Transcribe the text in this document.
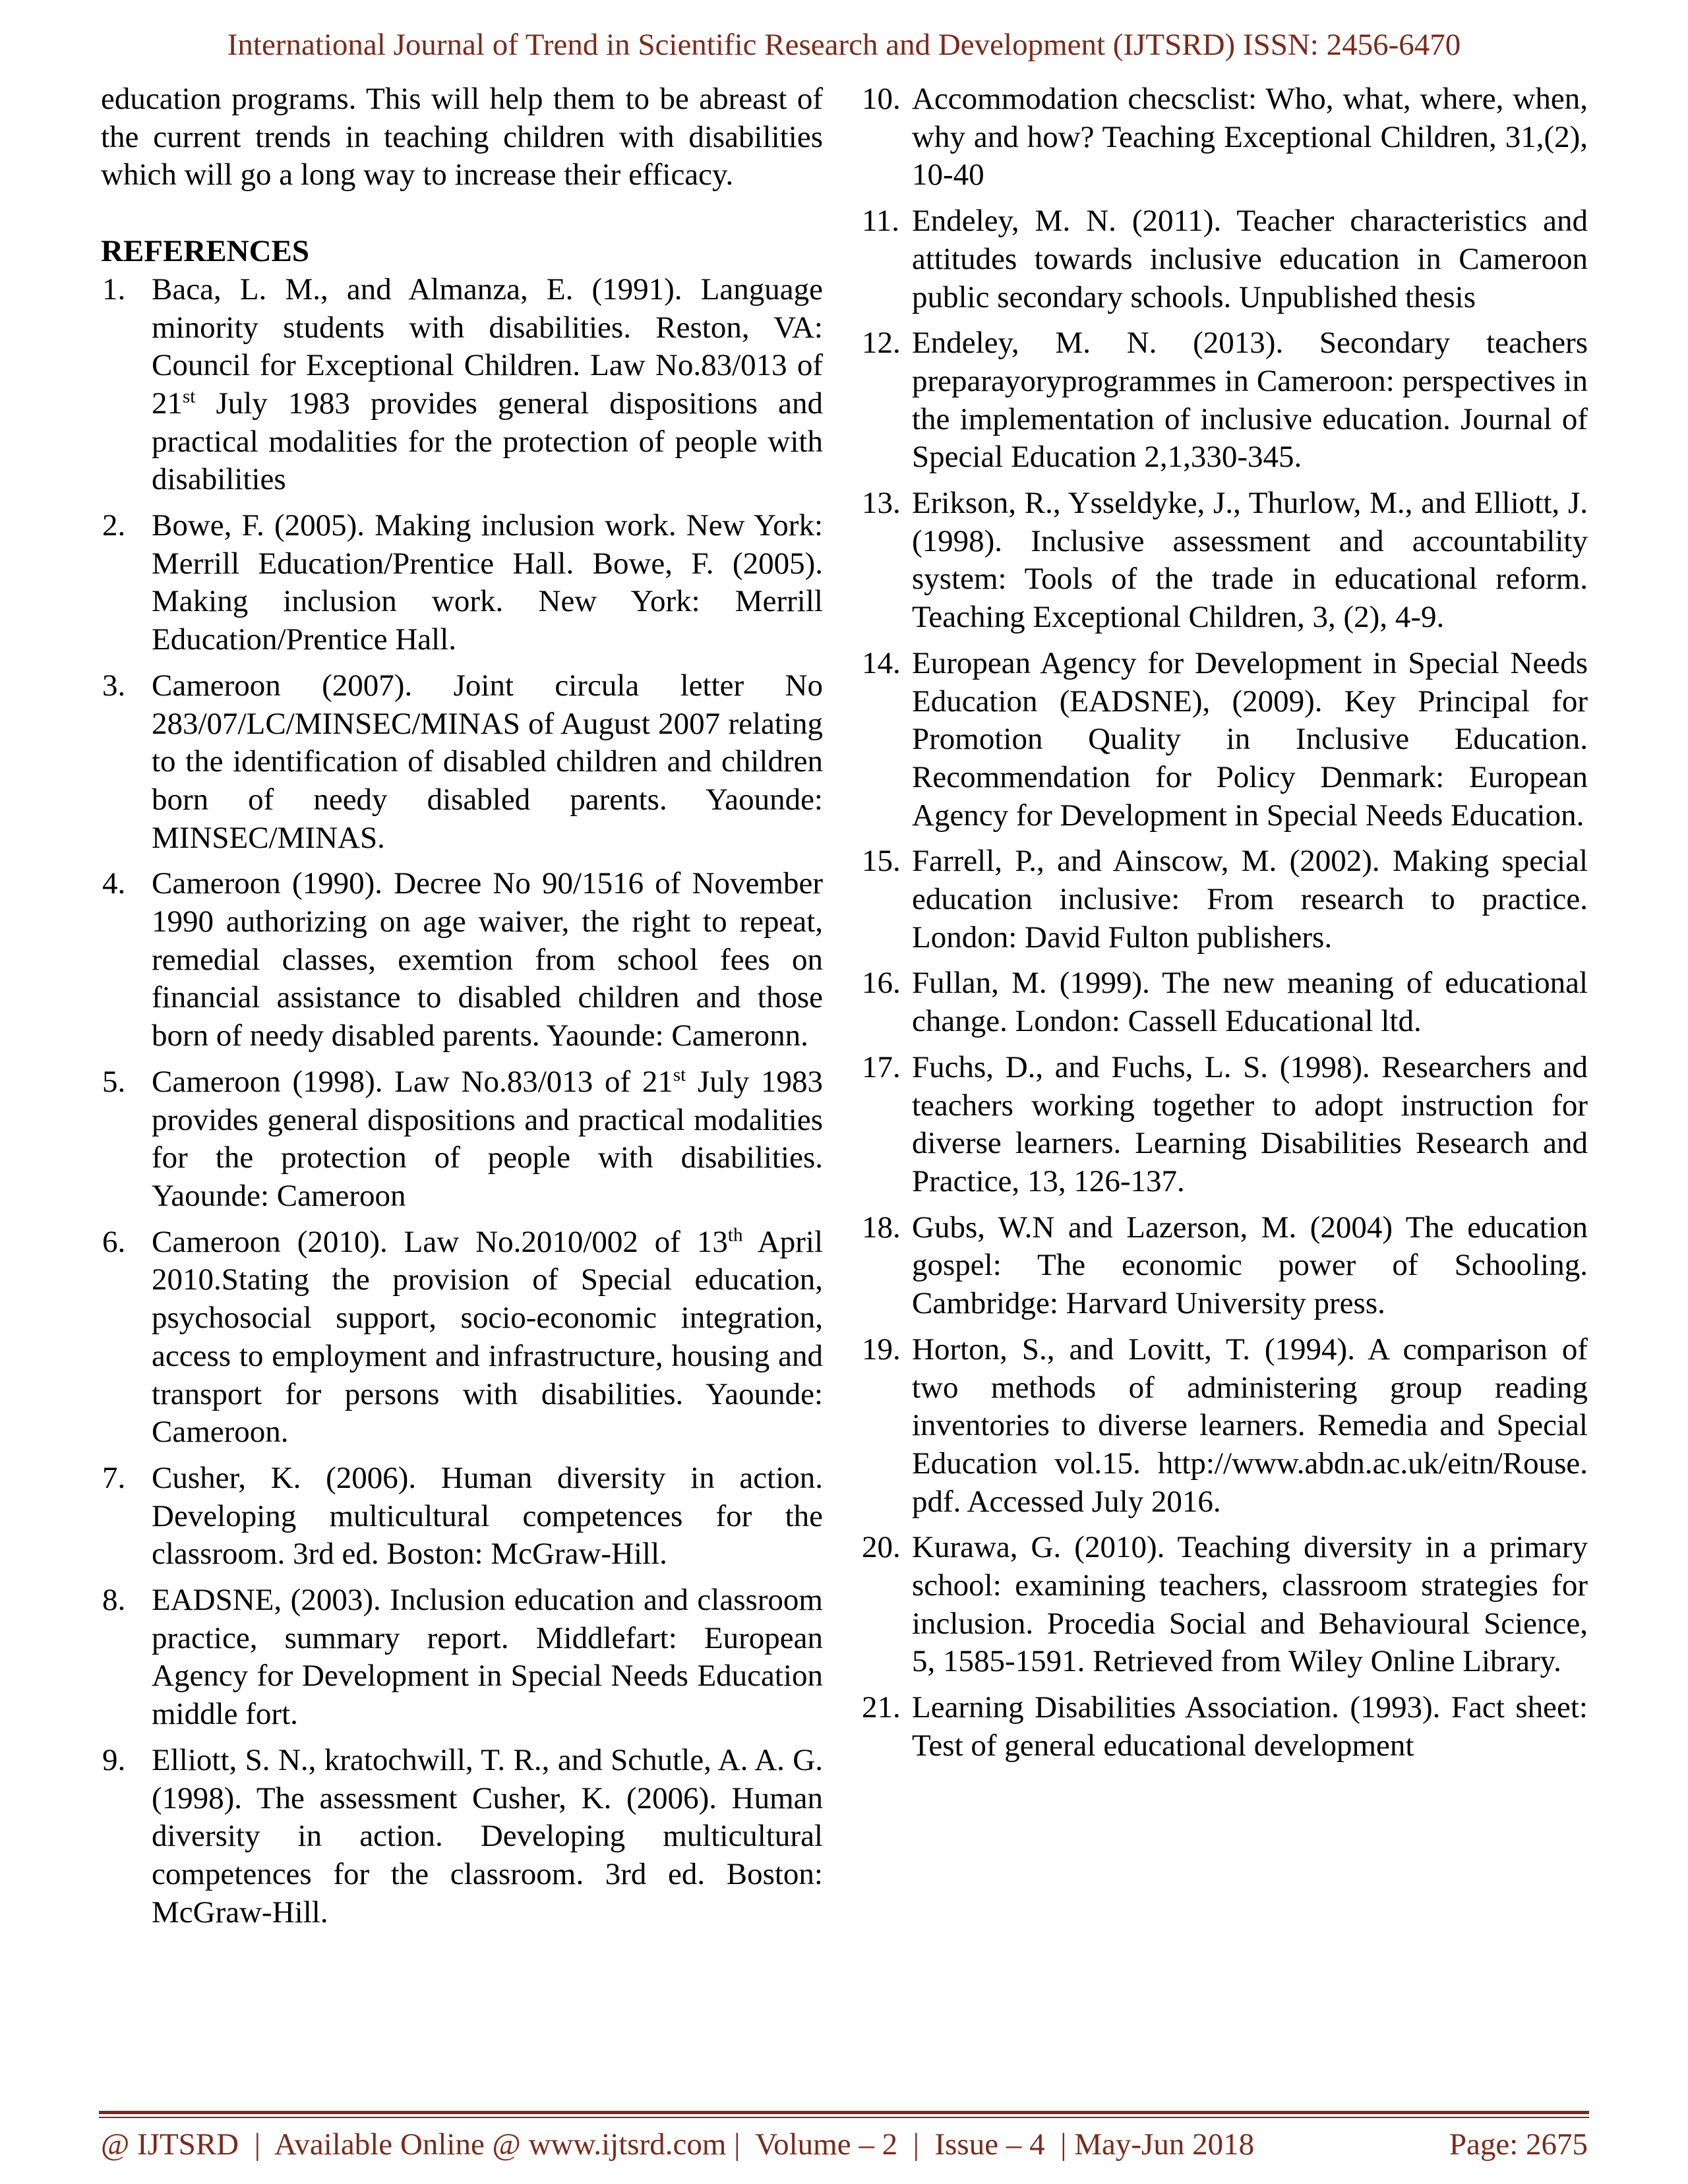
International Journal of Trend in Scientific Research and Development (IJTSRD) ISSN: 2456-6470

education programs. This will help them to be abreast of the current trends in teaching children with disabilities which will go a long way to increase their efficacy.

REFERENCES
1. Baca, L. M., and Almanza, E. (1991). Language minority students with disabilities. Reston, VA: Council for Exceptional Children. Law No.83/013 of 21st July 1983 provides general dispositions and practical modalities for the protection of people with disabilities
2. Bowe, F. (2005). Making inclusion work. New York: Merrill Education/Prentice Hall. Bowe, F. (2005). Making inclusion work. New York: Merrill Education/Prentice Hall.
3. Cameroon (2007). Joint circula letter No 283/07/LC/MINSEC/MINAS of August 2007 relating to the identification of disabled children and children born of needy disabled parents. Yaounde: MINSEC/MINAS.
4. Cameroon (1990). Decree No 90/1516 of November 1990 authorizing on age waiver, the right to repeat, remedial classes, exemtion from school fees on financial assistance to disabled children and those born of needy disabled parents. Yaounde: Cameronn.
5. Cameroon (1998). Law No.83/013 of 21st July 1983 provides general dispositions and practical modalities for the protection of people with disabilities. Yaounde: Cameroon
6. Cameroon (2010). Law No.2010/002 of 13th April 2010.Stating the provision of Special education, psychosocial support, socio-economic integration, access to employment and infrastructure, housing and transport for persons with disabilities. Yaounde: Cameroon.
7. Cusher, K. (2006). Human diversity in action. Developing multicultural competences for the classroom. 3rd ed. Boston: McGraw-Hill.
8. EADSNE, (2003). Inclusion education and classroom practice, summary report. Middlefart: European Agency for Development in Special Needs Education middle fort.
9. Elliott, S. N., kratochwill, T. R., and Schutle, A. A. G. (1998). The assessment Cusher, K. (2006). Human diversity in action. Developing multicultural competences for the classroom. 3rd ed. Boston: McGraw-Hill.
10. Accommodation checsclist: Who, what, where, when, why and how? Teaching Exceptional Children, 31,(2), 10-40
11. Endeley, M. N. (2011). Teacher characteristics and attitudes towards inclusive education in Cameroon public secondary schools. Unpublished thesis
12. Endeley, M. N. (2013). Secondary teachers preparayoryprogrammes in Cameroon: perspectives in the implementation of inclusive education. Journal of Special Education 2,1,330-345.
13. Erikson, R., Ysseldyke, J., Thurlow, M., and Elliott, J. (1998). Inclusive assessment and accountability system: Tools of the trade in educational reform. Teaching Exceptional Children, 3, (2), 4-9.
14. European Agency for Development in Special Needs Education (EADSNE), (2009). Key Principal for Promotion Quality in Inclusive Education. Recommendation for Policy Denmark: European Agency for Development in Special Needs Education.
15. Farrell, P., and Ainscow, M. (2002). Making special education inclusive: From research to practice. London: David Fulton publishers.
16. Fullan, M. (1999). The new meaning of educational change. London: Cassell Educational ltd.
17. Fuchs, D., and Fuchs, L. S. (1998). Researchers and teachers working together to adopt instruction for diverse learners. Learning Disabilities Research and Practice, 13, 126-137.
18. Gubs, W.N and Lazerson, M. (2004) The education gospel: The economic power of Schooling. Cambridge: Harvard University press.
19. Horton, S., and Lovitt, T. (1994). A comparison of two methods of administering group reading inventories to diverse learners. Remedia and Special Education vol.15. http://www.abdn.ac.uk/eitn/Rouse. pdf. Accessed July 2016.
20. Kurawa, G. (2010). Teaching diversity in a primary school: examining teachers, classroom strategies for inclusion. Procedia Social and Behavioural Science, 5, 1585-1591. Retrieved from Wiley Online Library.
21. Learning Disabilities Association. (1993). Fact sheet: Test of general educational development
@ IJTSRD  |  Available Online @ www.ijtsrd.com |  Volume – 2  |  Issue – 4  | May-Jun 2018	Page: 2675
